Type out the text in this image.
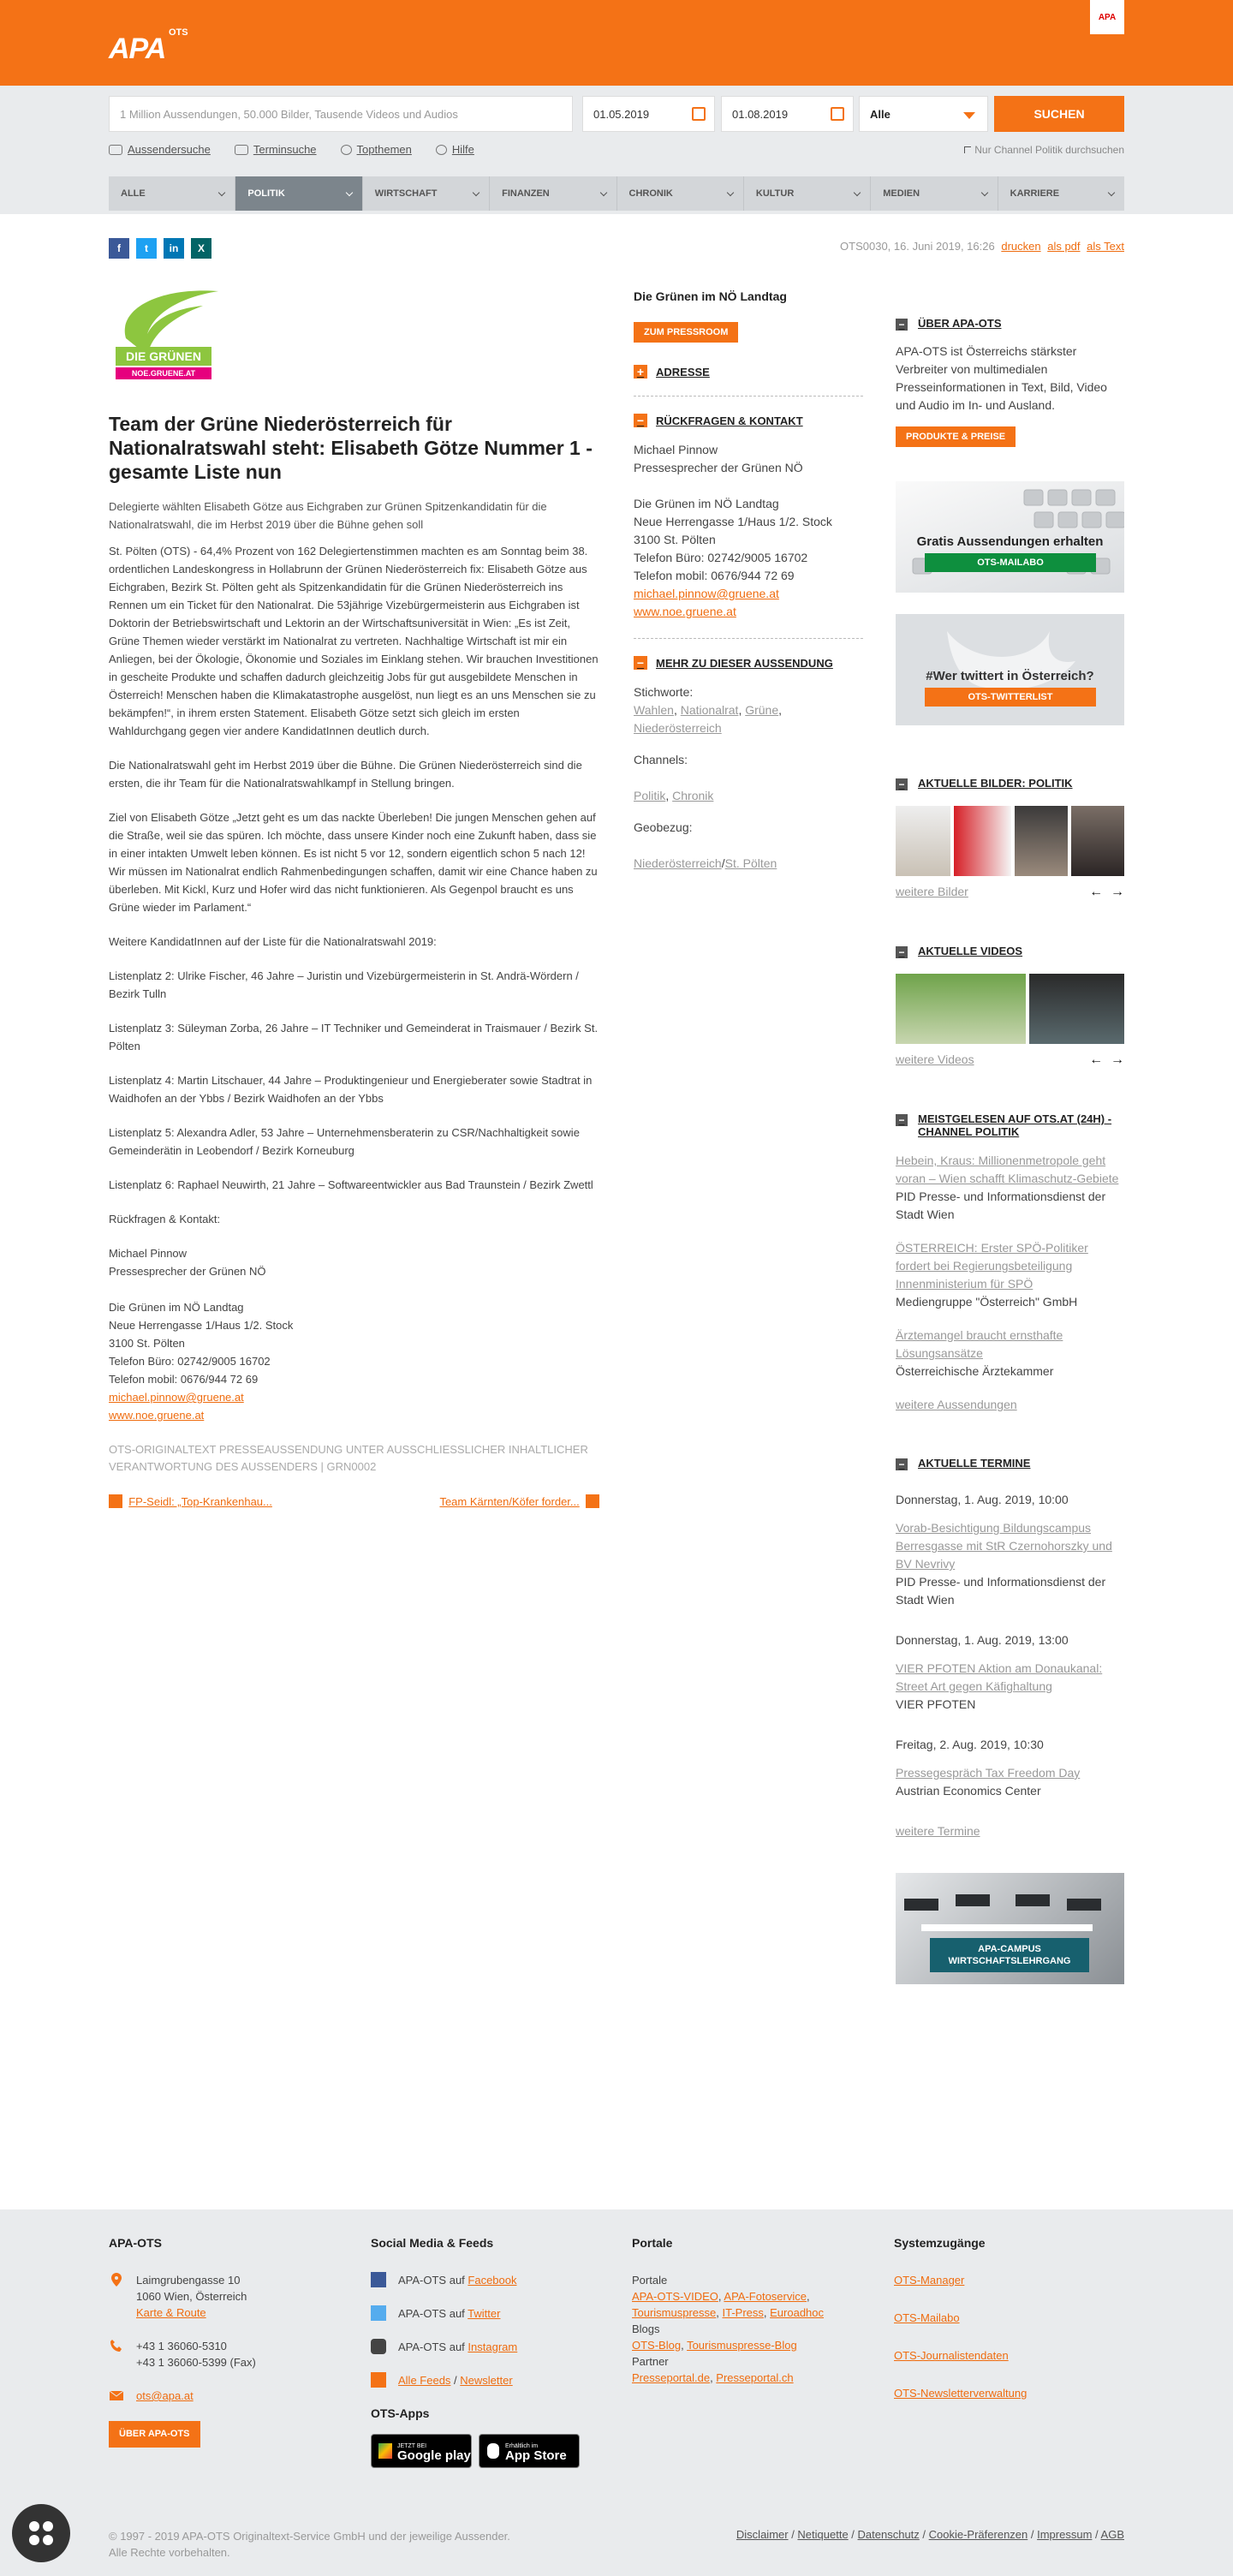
APA OTS
APA
1 Million Aussendungen, 50.000 Bilder, Tausende Videos und Audios	01.05.2019	01.08.2019	Alle	SUCHEN
Aussendersuche	Terminsuche	Topthemen	Hilfe	Nur Channel Politik durchsuchen
ALLE	POLITIK	WIRTSCHAFT	FINANZEN	CHRONIK	KULTUR	MEDIEN	KARRIERE
f	t	in	X	OTS0030, 16. Juni 2019, 16:26 drucken als pdf als Text
DIE GRÜNEN
NOE.GRUENE.AT
Team der Grüne Niederösterreich für Nationalratswahl steht: Elisabeth Götze Nummer 1 - gesamte Liste nun
Delegierte wählten Elisabeth Götze aus Eichgraben zur Grünen Spitzenkandidatin für die Nationalratswahl, die im Herbst 2019 über die Bühne gehen soll

St. Pölten (OTS) - 64,4% Prozent von 162 Delegiertenstimmen machten es am Sonntag beim 38. ordentlichen Landeskongress in Hollabrunn der Grünen Niederösterreich fix: Elisabeth Götze aus Eichgraben, Bezirk St. Pölten geht als Spitzenkandidatin für die Grünen Niederösterreich ins Rennen um ein Ticket für den Nationalrat. Die 53jährige Vizebürgermeisterin aus Eichgraben ist Doktorin der Betriebswirtschaft und Lektorin an der Wirtschaftsuniversität in Wien: „Es ist Zeit, Grüne Themen wieder verstärkt im Nationalrat zu vertreten. Nachhaltige Wirtschaft ist mir ein Anliegen, bei der Ökologie, Ökonomie und Soziales im Einklang stehen. Wir brauchen Investitionen in gescheite Produkte und schaffen dadurch gleichzeitig Jobs für gut ausgebildete Menschen in Österreich! Menschen haben die Klimakatastrophe ausgelöst, nun liegt es an uns Menschen sie zu bekämpfen!“, in ihrem ersten Statement. Elisabeth Götze setzt sich gleich im ersten Wahldurchgang gegen vier andere KandidatInnen deutlich durch.

Die Nationalratswahl geht im Herbst 2019 über die Bühne. Die Grünen Niederösterreich sind die ersten, die ihr Team für die Nationalratswahlkampf in Stellung bringen.

Ziel von Elisabeth Götze „Jetzt geht es um das nackte Überleben! Die jungen Menschen gehen auf die Straße, weil sie das spüren. Ich möchte, dass unsere Kinder noch eine Zukunft haben, dass sie in einer intakten Umwelt leben können. Es ist nicht 5 vor 12, sondern eigentlich schon 5 nach 12! Wir müssen im Nationalrat endlich Rahmenbedingungen schaffen, damit wir eine Chance haben zu überleben. Mit Kickl, Kurz und Hofer wird das nicht funktionieren. Als Gegenpol braucht es uns Grüne wieder im Parlament.“

Weitere KandidatInnen auf der Liste für die Nationalratswahl 2019:

Listenplatz 2: Ulrike Fischer, 46 Jahre – Juristin und Vizebürgermeisterin in St. Andrä-Wördern / Bezirk Tulln

Listenplatz 3: Süleyman Zorba, 26 Jahre – IT Techniker und Gemeinderat in Traismauer / Bezirk St. Pölten

Listenplatz 4: Martin Litschauer, 44 Jahre – Produktingenieur und Energieberater sowie Stadtrat in Waidhofen an der Ybbs / Bezirk Waidhofen an der Ybbs

Listenplatz 5: Alexandra Adler, 53 Jahre – Unternehmensberaterin zu CSR/Nachhaltigkeit sowie Gemeinderätin in Leobendorf / Bezirk Korneuburg

Listenplatz 6: Raphael Neuwirth, 21 Jahre – Softwareentwickler aus Bad Traunstein / Bezirk Zwettl

Rückfragen & Kontakt:

Michael Pinnow
Pressesprecher der Grünen NÖ

Die Grünen im NÖ Landtag
Neue Herrengasse 1/Haus 1/2. Stock
3100 St. Pölten
Telefon Büro: 02742/9005 16702
Telefon mobil: 0676/944 72 69
michael.pinnow@gruene.at
www.noe.gruene.at

OTS-ORIGINALTEXT PRESSEAUSSENDUNG UNTER AUSSCHLIESSLICHER INHALTLICHER VERANTWORTUNG DES AUSSENDERS | GRN0002
FP-Seidl: „Top-Krankenhau...	Team Kärnten/Köfer forder...
Die Grünen im NÖ Landtag
ZUM PRESSROOM
+	ADRESSE
−	RÜCKFRAGEN & KONTAKT
Michael Pinnow
Pressesprecher der Grünen NÖ

Die Grünen im NÖ Landtag
Neue Herrengasse 1/Haus 1/2. Stock
3100 St. Pölten
Telefon Büro: 02742/9005 16702
Telefon mobil: 0676/944 72 69
michael.pinnow@gruene.at
www.noe.gruene.at
−	MEHR ZU DIESER AUSSENDUNG
Stichworte:
Wahlen, Nationalrat, Grüne, Niederösterreich
Channels:

Politik, Chronik
Geobezug:

Niederösterreich/St. Pölten
− ÜBER APA-OTS
APA-OTS ist Österreichs stärkster Verbreiter von multimedialen Presseinformationen in Text, Bild, Video und Audio im In- und Ausland.
PRODUKTE & PREISE
Gratis Aussendungen erhalten
OTS-MAILABO
#Wer twittert in Österreich?
OTS-TWITTERLIST
− AKTUELLE BILDER: POLITIK
weitere Bilder	← →
− AKTUELLE VIDEOS
weitere Videos	← →
− MEISTGELESEN AUF OTS.AT (24H) - CHANNEL POLITIK
Hebein, Kraus: Millionenmetropole geht voran – Wien schafft Klimaschutz-Gebiete
PID Presse- und Informationsdienst der Stadt Wien
ÖSTERREICH: Erster SPÖ-Politiker fordert bei Regierungsbeteiligung Innenministerium für SPÖ
Mediengruppe "Österreich" GmbH
Ärztemangel braucht ernsthafte Lösungsansätze
Österreichische Ärztekammer
weitere Aussendungen
− AKTUELLE TERMINE
Donnerstag, 1. Aug. 2019, 10:00

Vorab-Besichtigung Bildungscampus Berresgasse mit StR Czernohorszky und BV Nevrivy
PID Presse- und Informationsdienst der Stadt Wien
Donnerstag, 1. Aug. 2019, 13:00

VIER PFOTEN Aktion am Donaukanal: Street Art gegen Käfighaltung
VIER PFOTEN
Freitag, 2. Aug. 2019, 10:30

Pressegespräch Tax Freedom Day
Austrian Economics Center
weitere Termine
APA-CAMPUS WIRTSCHAFTSLEHRGANG
APA-OTS
Laimgrubengasse 10
1060 Wien, Österreich
Karte & Route
+43 1 36060-5310
+43 1 36060-5399 (Fax)
ots@apa.at
ÜBER APA-OTS
Social Media & Feeds
APA-OTS auf Facebook
APA-OTS auf Twitter
APA-OTS auf Instagram
Alle Feeds / Newsletter
OTS-Apps
JETZT BEI
Google play
Erhältlich im
App Store
Portale
Portale
APA-OTS-VIDEO, APA-Fotoservice,
Tourismuspresse, IT-Press, Euroadhoc
Blogs
OTS-Blog, Tourismuspresse-Blog
Partner
Presseportal.de, Presseportal.ch
Systemzugänge
OTS-Manager
OTS-Mailabo
OTS-Journalistendaten
OTS-Newsletterverwaltung
© 1997 - 2019 APA-OTS Originaltext-Service GmbH und der jeweilige Aussender.
Alle Rechte vorbehalten.
Disclaimer / Netiquette / Datenschutz / Cookie-Präferenzen / Impressum / AGB
